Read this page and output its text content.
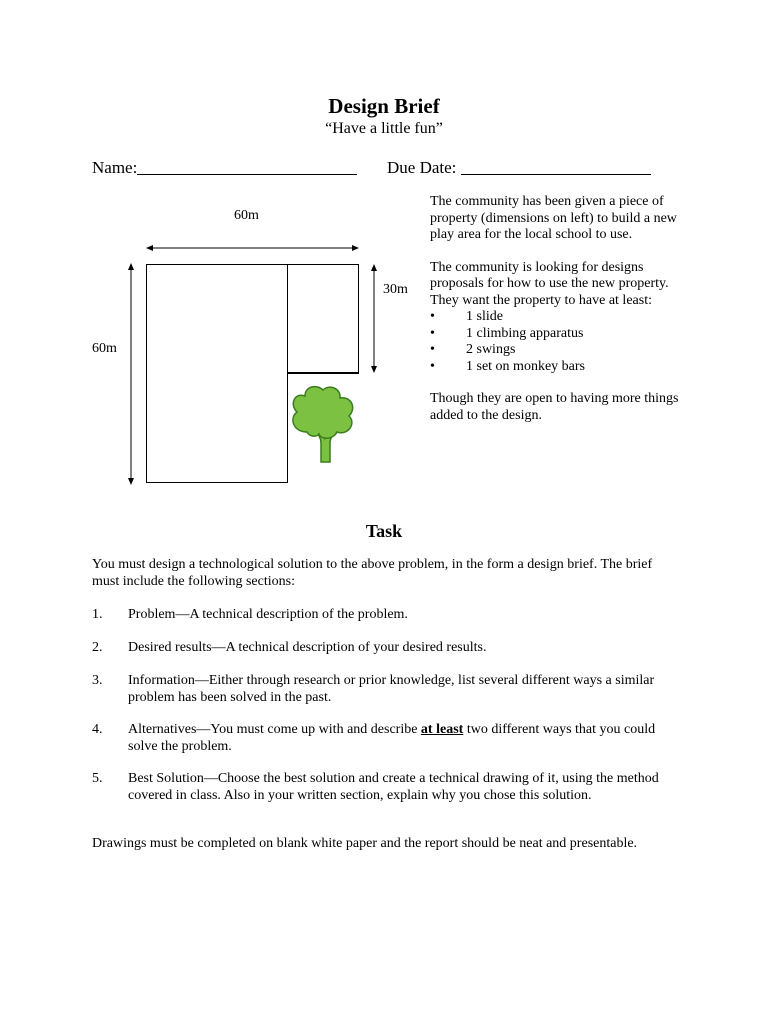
Design Brief
“Have a little fun”
Name:	Due Date:
60m
60m
30m

The community has been given a piece of property (dimensions on left) to build a new play area for the local school to use.

The community is looking for designs proposals for how to use the new property. They want the property to have at least:

• 1 slide
• 1 climbing apparatus
• 2 swings
• 1 set on monkey bars

Though they are open to having more things added to the design.

Task
You must design a technological solution to the above problem, in the form a design brief. The brief must include the following sections:
1. Problem—A technical description of the problem.
2. Desired results—A technical description of your desired results.
3. Information—Either through research or prior knowledge, list several different ways a similar problem has been solved in the past.
4. Alternatives—You must come up with and describe at least two different ways that you could solve the problem.
5. Best Solution—Choose the best solution and create a technical drawing of it, using the method covered in class. Also in your written section, explain why you chose this solution.
Drawings must be completed on blank white paper and the report should be neat and presentable.
